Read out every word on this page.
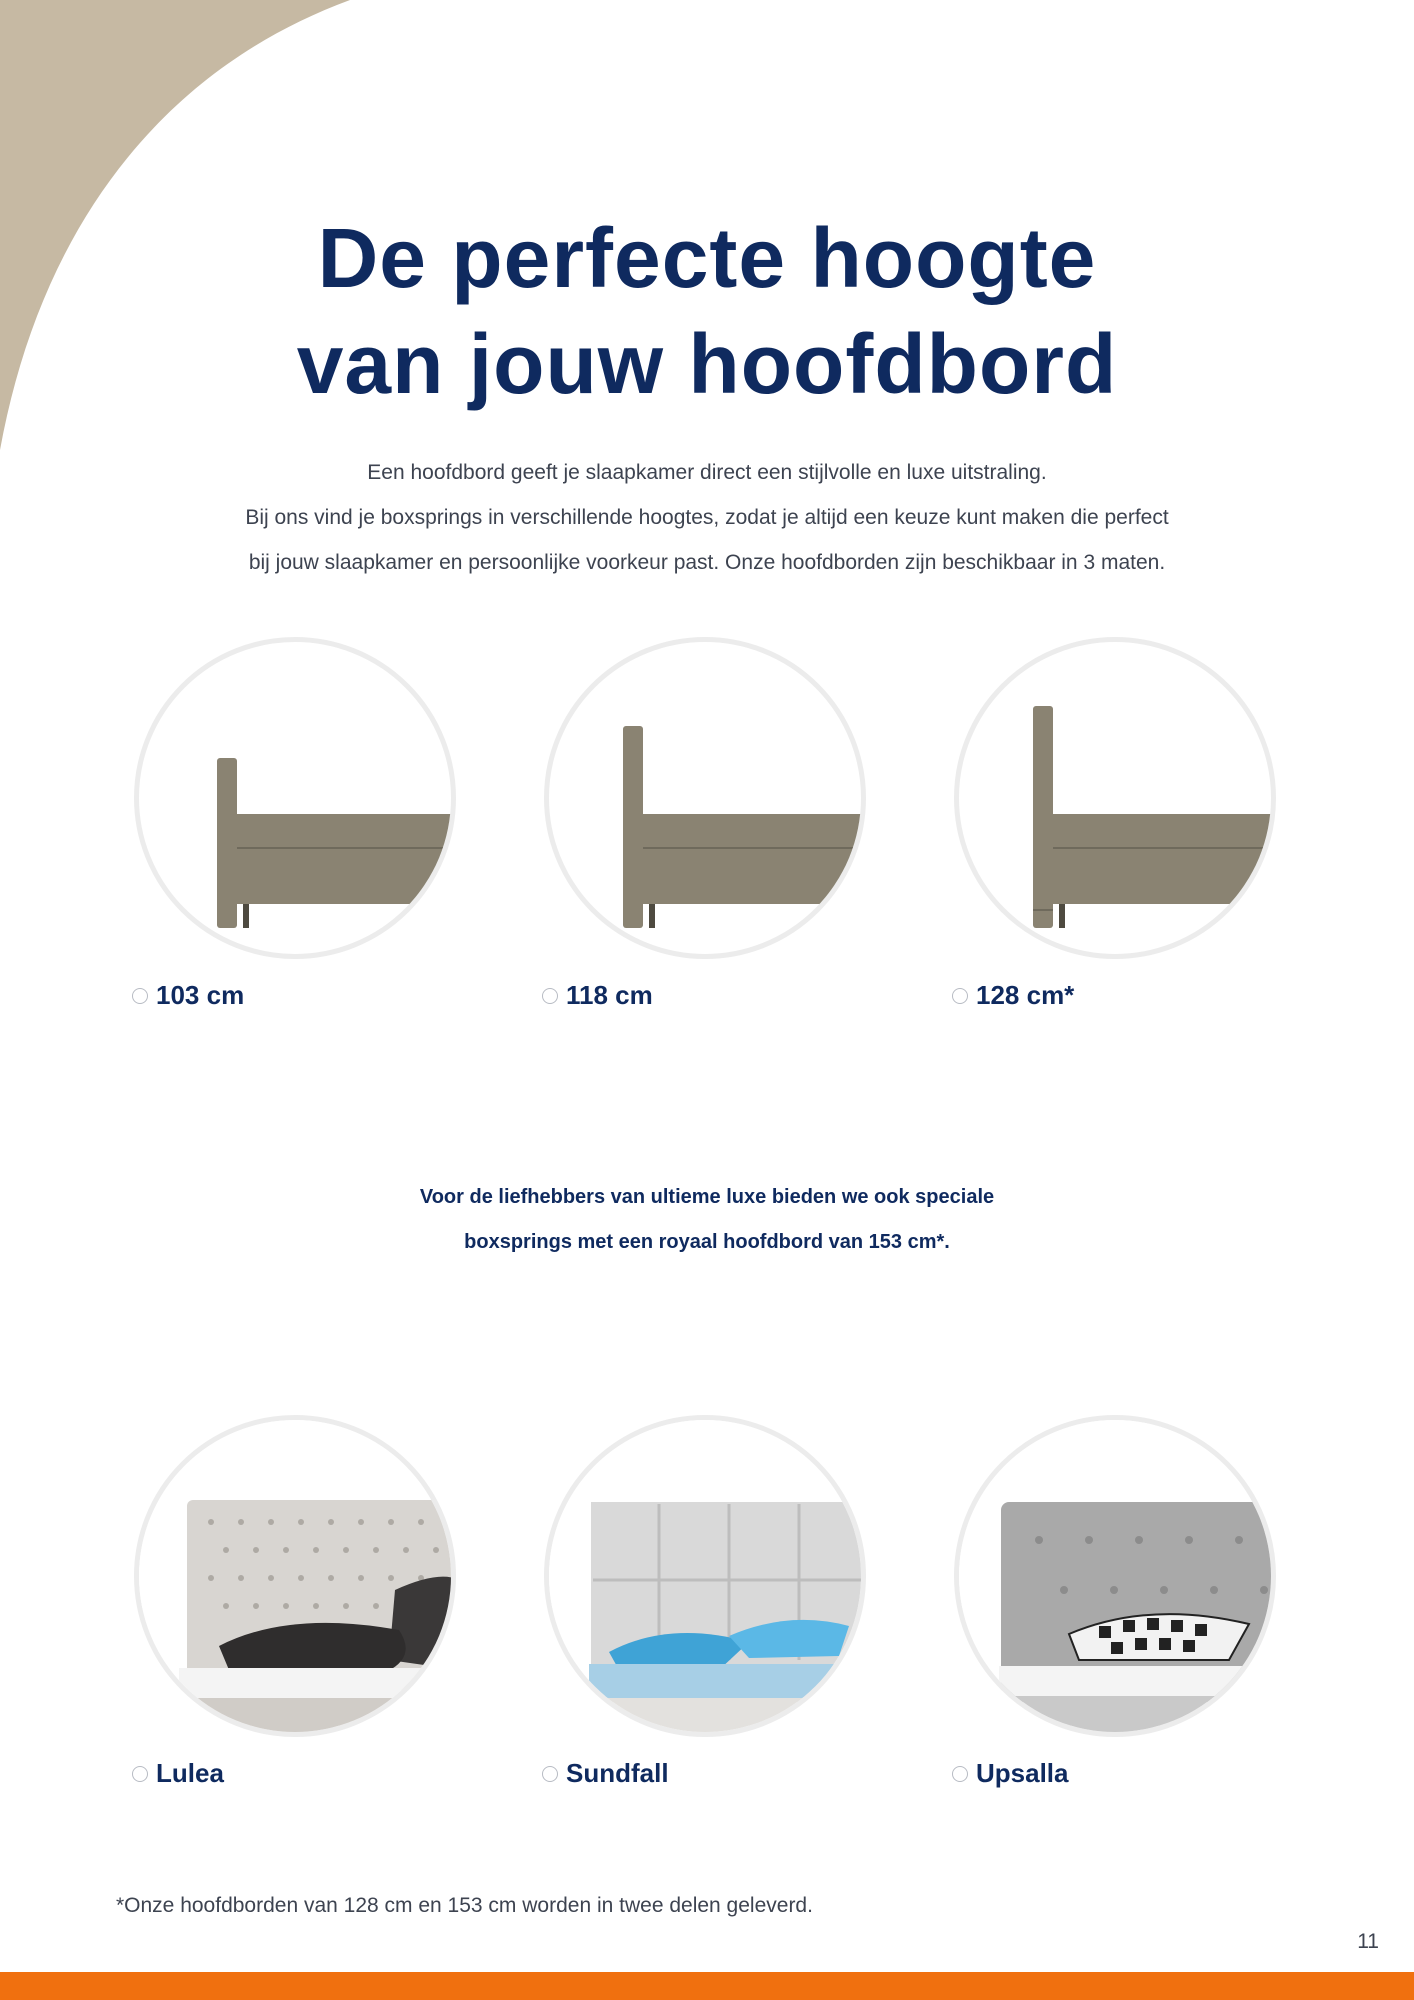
De perfecte hoogte
van jouw hoofdbord
Een hoofdbord geeft je slaapkamer direct een stijlvolle en luxe uitstraling.
Bij ons vind je boxsprings in verschillende hoogtes, zodat je altijd een keuze kunt maken die perfect
bij jouw slaapkamer en persoonlijke voorkeur past. Onze hoofdborden zijn beschikbaar in 3 maten.
103 cm	118 cm	128 cm*
Voor de liefhebbers van ultieme luxe bieden we ook speciale
boxsprings met een royaal hoofdbord van 153 cm*.
Lulea	Sundfall	Upsalla
*Onze hoofdborden van 128 cm en 153 cm worden in twee delen geleverd.
11
